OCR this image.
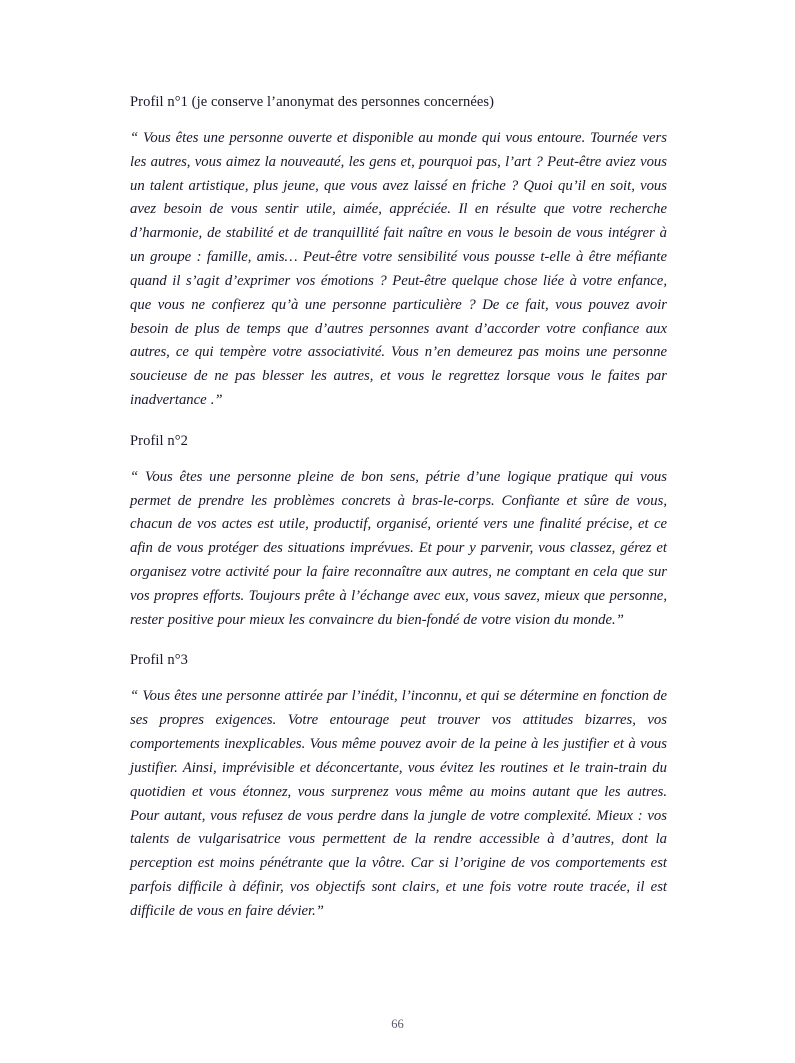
Profil n°1 (je conserve l’anonymat des personnes concernées)

“ Vous êtes une personne ouverte et disponible au monde qui vous entoure. Tournée vers les autres, vous aimez la nouveauté, les gens et, pourquoi pas, l’art ? Peut-être aviez vous un talent artistique, plus jeune, que vous avez laissé en friche ? Quoi qu’il en soit, vous avez besoin de vous sentir utile, aimée, appréciée. Il en résulte que votre recherche d’harmonie, de stabilité et de tranquillité fait naître en vous le besoin de vous intégrer à un groupe : famille, amis… Peut-être votre sensibilité vous pousse t-elle à être méfiante quand il s’agit d’exprimer vos émotions ? Peut-être quelque chose liée à votre enfance, que vous ne confierez qu’à une personne particulière ? De ce fait, vous pouvez avoir besoin de plus de temps que d’autres personnes avant d’accorder votre confiance aux autres, ce qui tempère votre associativité. Vous n’en demeurez pas moins une personne soucieuse de ne pas blesser les autres, et vous le regrettez lorsque vous le faites par inadvertance .”

Profil n°2

“ Vous êtes une personne pleine de bon sens, pétrie d’une logique pratique qui vous permet de prendre les problèmes concrets à bras-le-corps. Confiante et sûre de vous, chacun de vos actes est utile, productif, organisé, orienté vers une finalité précise, et ce afin de vous protéger des situations imprévues. Et pour y parvenir, vous classez, gérez et organisez votre activité pour la faire reconnaître aux autres, ne comptant en cela que sur vos propres efforts. Toujours prête à l’échange avec eux, vous savez, mieux que personne, rester positive pour mieux les convaincre du bien-fondé de votre vision du monde.”

Profil n°3

“ Vous êtes une personne attirée par l’inédit, l’inconnu, et qui se détermine en fonction de ses propres exigences. Votre entourage peut trouver vos attitudes bizarres, vos comportements inexplicables. Vous même pouvez avoir de la peine à les justifier et à vous justifier. Ainsi, imprévisible et déconcertante, vous évitez les routines et le train-train du quotidien et vous étonnez, vous surprenez vous même au moins autant que les autres. Pour autant, vous refusez de vous perdre dans la jungle de votre complexité. Mieux : vos talents de vulgarisatrice vous permettent de la rendre accessible à d’autres, dont la perception est moins pénétrante que la vôtre. Car si l’origine de vos comportements est parfois difficile à définir, vos objectifs sont clairs, et une fois votre route tracée, il est difficile de vous en faire dévier.”

66
